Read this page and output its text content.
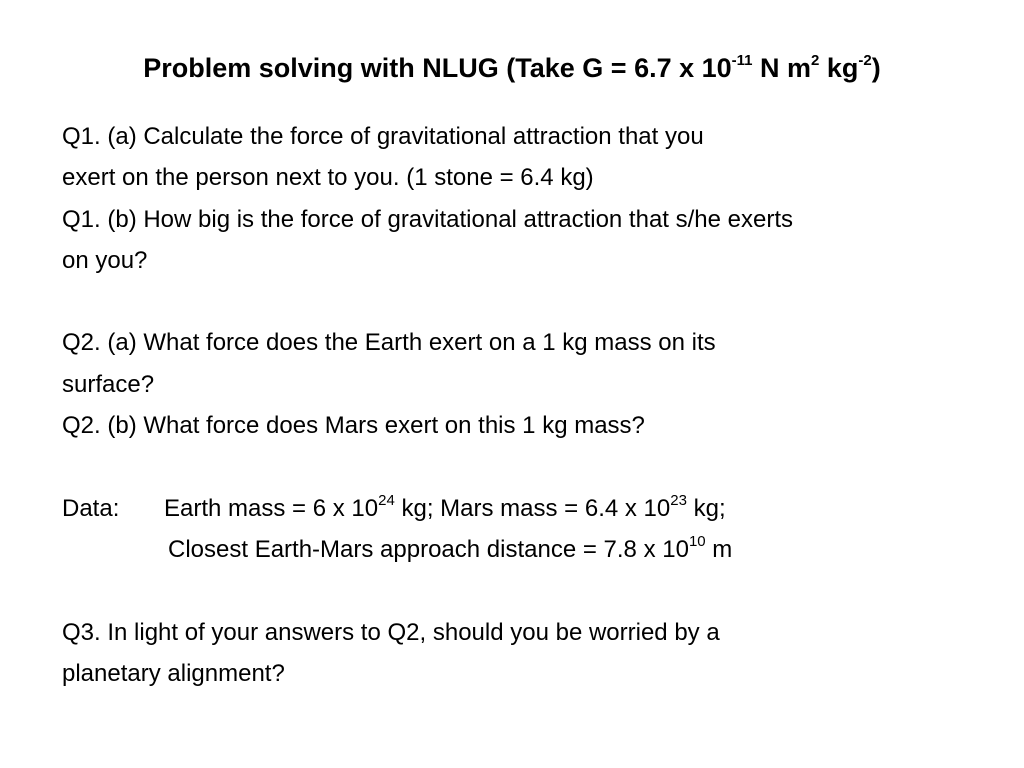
Problem solving with NLUG (Take G = 6.7 x $10^{-11}$ N $m^2$ $kg^{-2}$)
Q1. (a) Calculate the force of gravitational attraction that you
exert on the person next to you. (1 stone = 6.4 kg)
Q1. (b) How big is the force of gravitational attraction that s/he exerts
on you?
Q2. (a) What force does the Earth exert on a 1 kg mass on its
surface?
Q2. (b) What force does Mars exert on this 1 kg mass?
Data: Earth mass = 6 x $10^{24}$ kg; Mars mass = 6.4 x $10^{23}$ kg;
Closest Earth-Mars approach distance = 7.8 x $10^{10}$ m
Q3. In light of your answers to Q2, should you be worried by a
planetary alignment?
